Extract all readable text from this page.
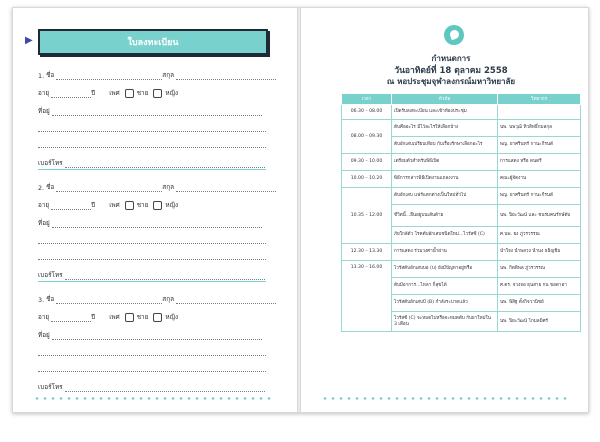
▶	ใบลงทะเบียน
1. ชื่อ	สกุล
อายุ	ปี	เพศ	ชาย	หญิง
ที่อยู่
เบอร์โทร
2. ชื่อ	สกุล
อายุ	ปี	เพศ	ชาย	หญิง
ที่อยู่
เบอร์โทร
3. ชื่อ	สกุล
อายุ	ปี	เพศ	ชาย	หญิง
ที่อยู่
เบอร์โทร
กำหนดการ
วันอาทิตย์ที่ 18 ตุลาคม 2558
ณ หอประชุมจุฬาลงกรณ์มหาวิทยาลัย
เวลา	หัวข้อ	วิทยากร
06.30 – 08.00	เปิดรับลงทะเบียน และเข้าห้องประชุม	
08.00 – 09.30	ตับคืออะไร มีไว้ละไรให้เลือกบ้าง	นพ. นพวุฒิ ทิวสิทธิ์กมลกุล
	ตับอักเสบเปรียบเทียบ กับเรื่องรักษาเลือกอะไร	พญ. ยาศรินทร์ กานะกีรนต์
09.30 – 10.00	เตรียมตัวสำหรับพิธีเปิด	การแสดง หรือ ดนตรี
10.00 – 10.20	พิธีการกล่าวพิธีเปิดงานแถลงงาน	คณะผู้จัดงาน
10.35 – 12.00	ตับอักเสบ แฟร์แตกต่างเป็นใหม่ทั่วไป	พญ. ยาศรินทร์ กานะกีรนต์
	ชีวิตนี้...ยืนอยู่บนเส้นด้าย	นพ. ปิยะวัฒน์ และ ชนรมคนรักษ์ตับ
	ภัยใกล้ตัว โรคตับอักเสบชนิดใหม่...ไวรัสซี (C)	ศ.นพ. ยง ภู่วรวรรณ
12.30 – 13.30	การแสดง ร่วมวงศาน้ำผ่าน	นำใจง นำพลวง นำนง ธธิญชิม
13.30 – 16.00	ไวรัสตับอักเสบบอ (บ) ยังมีปัญหาอยู่หรือ	นพ. กิตติพล ภู่วรวรรณ
	ตับมีอาการ...ไหลา ก็สุขได้	ศ.ดร. จวงจอ ธุนสาย กน ขอดาอา
	ไวรัสตับอักเสบบี (B) กำลังระบาดแล้ว	นพ. พิสิฐ ตั้งกิจวานิชย์
	ไวรัสซี (C) จะหมดไปหรือจะหมดตับ กับยาใหม่ใน 3 เดือน	นพ. ปิยะวัฒน์ โกมลมิศร์
